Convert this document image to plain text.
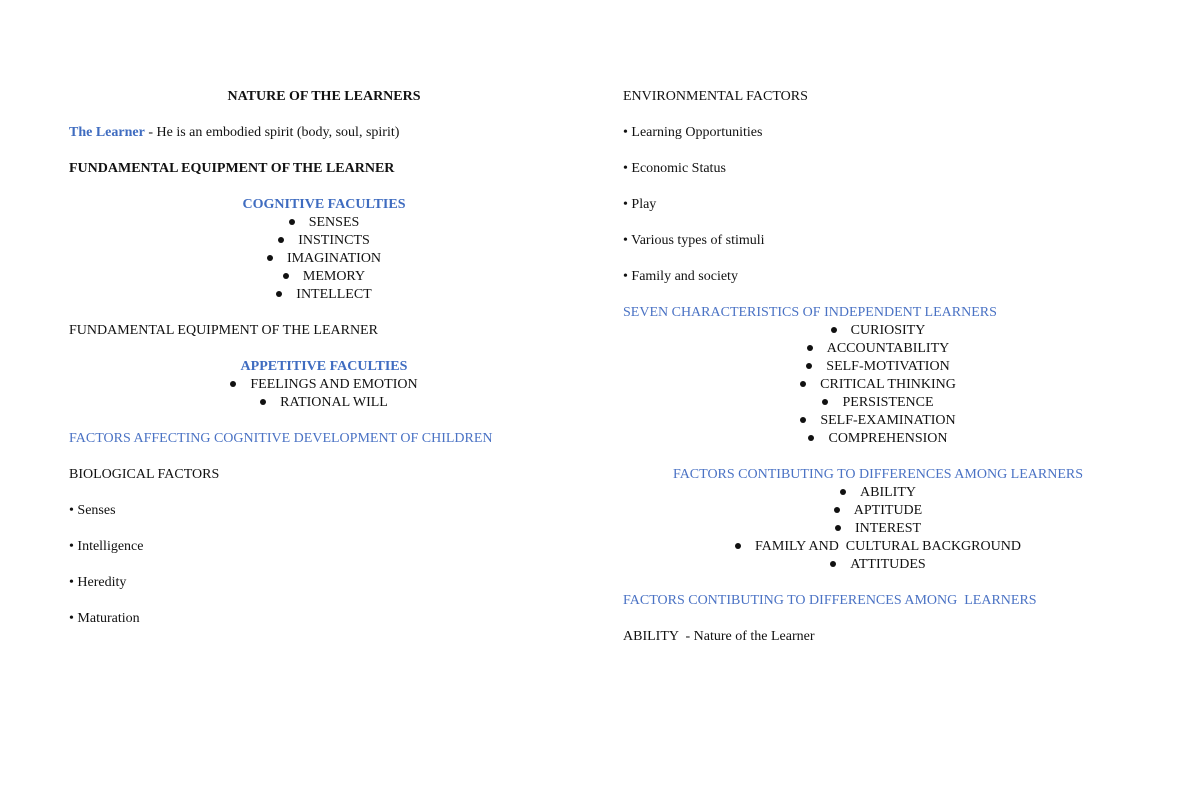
NATURE OF THE LEARNERS
The Learner - He is an embodied spirit (body, soul, spirit)
FUNDAMENTAL EQUIPMENT OF THE LEARNER
COGNITIVE FACULTIES
SENSES
INSTINCTS
IMAGINATION
MEMORY
INTELLECT
FUNDAMENTAL EQUIPMENT OF THE LEARNER
APPETITIVE FACULTIES
FEELINGS AND EMOTION
RATIONAL WILL
FACTORS AFFECTING COGNITIVE DEVELOPMENT OF CHILDREN
BIOLOGICAL FACTORS
• Senses
• Intelligence
• Heredity
• Maturation
ENVIRONMENTAL FACTORS
• Learning Opportunities
• Economic Status
• Play
• Various types of stimuli
• Family and society
SEVEN CHARACTERISTICS OF INDEPENDENT LEARNERS
CURIOSITY
ACCOUNTABILITY
SELF-MOTIVATION
CRITICAL THINKING
PERSISTENCE
SELF-EXAMINATION
COMPREHENSION
FACTORS CONTIBUTING TO DIFFERENCES AMONG LEARNERS
ABILITY
APTITUDE
INTEREST
FAMILY AND  CULTURAL BACKGROUND
ATTITUDES
FACTORS CONTIBUTING TO DIFFERENCES AMONG  LEARNERS
ABILITY  - Nature of the Learner
